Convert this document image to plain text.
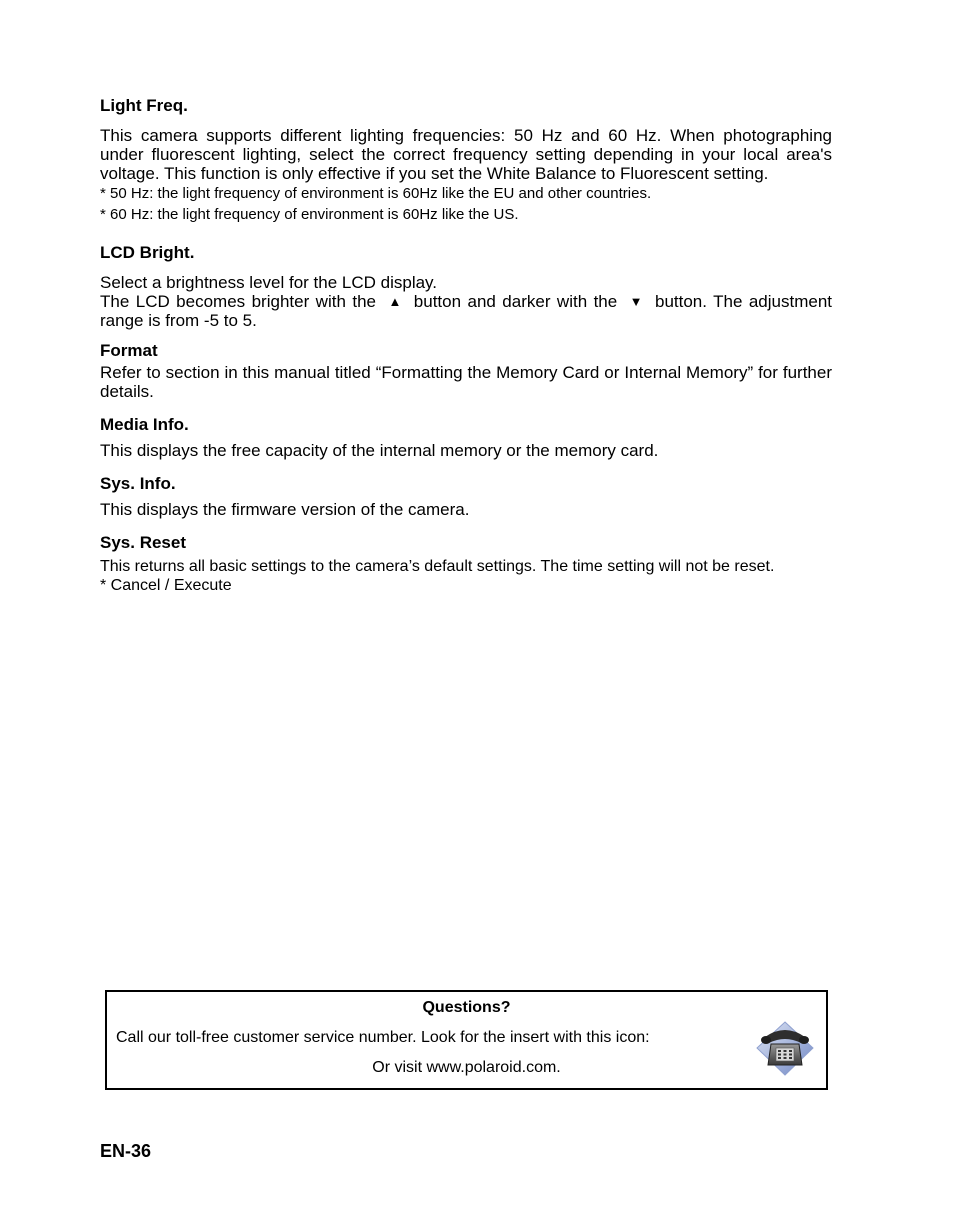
Light Freq.

This camera supports different lighting frequencies: 50 Hz and 60 Hz. When photographing under fluorescent lighting, select the correct frequency setting depending in your local area's voltage. This function is only effective if you set the White Balance to Fluorescent setting.

* 50 Hz: the light frequency of environment is 60Hz like the EU and other countries.

* 60 Hz: the light frequency of environment is 60Hz like the US.

LCD Bright.

Select a brightness level for the LCD display.

The LCD becomes brighter with the ▲ button and darker with the ▼ button. The adjustment range is from -5 to 5.

Format

Refer to section in this manual titled “Formatting the Memory Card or Internal Memory” for further details.

Media Info.

This displays the free capacity of the internal memory or the memory card.

Sys. Info.

This displays the firmware version of the camera.

Sys. Reset

This returns all basic settings to the camera’s default settings. The time setting will not be reset.

* Cancel / Execute

Questions?
Call our toll-free customer service number. Look for the insert with this icon:
Or visit www.polaroid.com.
EN-36
